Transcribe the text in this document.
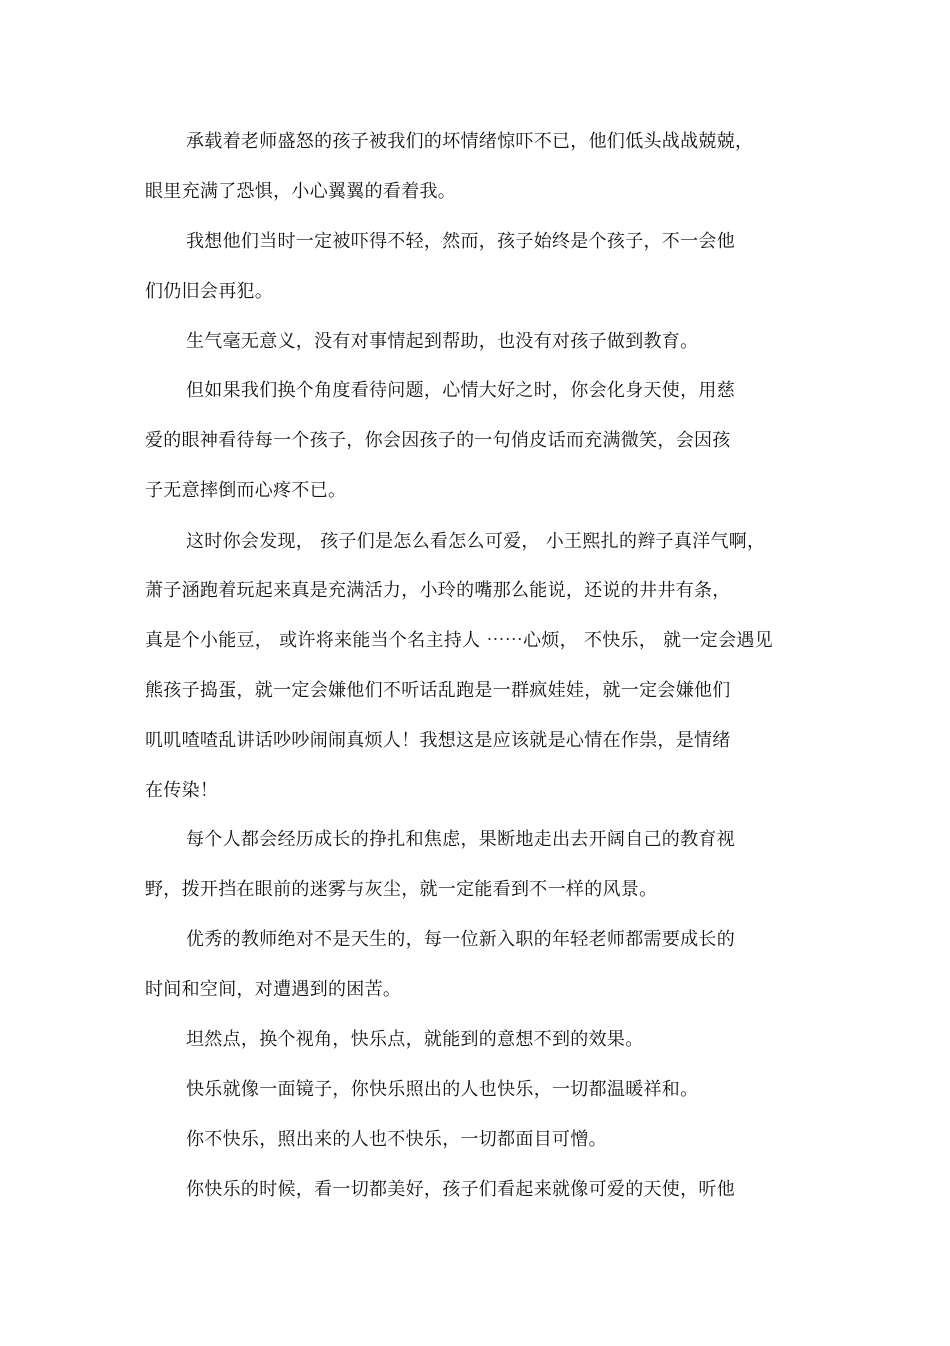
承载着老师盛怒的孩子被我们的坏情绪惊吓不已，他们低头战战兢兢，
眼里充满了恐惧，小心翼翼的看着我。
我想他们当时一定被吓得不轻，然而，孩子始终是个孩子，不一会他
们仍旧会再犯。
生气毫无意义，没有对事情起到帮助，也没有对孩子做到教育。
但如果我们换个角度看待问题，心情大好之时，你会化身天使，用慈
爱的眼神看待每一个孩子，你会因孩子的一句俏皮话而充满微笑，会因孩
子无意摔倒而心疼不已。
这时你会发现， 孩子们是怎么看怎么可爱， 小王熙扎的辫子真洋气啊，
萧子涵跑着玩起来真是充满活力，小玲的嘴那么能说，还说的井井有条，
真是个小能豆， 或许将来能当个名主持人 ⋯⋯心烦， 不快乐， 就一定会遇见
熊孩子捣蛋，就一定会嫌他们不听话乱跑是一群疯娃娃，就一定会嫌他们
叽叽喳喳乱讲话吵吵闹闹真烦人！我想这是应该就是心情在作祟，是情绪
在传染！
每个人都会经历成长的挣扎和焦虑，果断地走出去开阔自己的教育视
野，拨开挡在眼前的迷雾与灰尘，就一定能看到不一样的风景。
优秀的教师绝对不是天生的，每一位新入职的年轻老师都需要成长的
时间和空间，对遭遇到的困苦。
坦然点，换个视角，快乐点，就能到的意想不到的效果。
快乐就像一面镜子，你快乐照出的人也快乐，一切都温暖祥和。
你不快乐，照出来的人也不快乐，一切都面目可憎。
你快乐的时候，看一切都美好，孩子们看起来就像可爱的天使，听他
